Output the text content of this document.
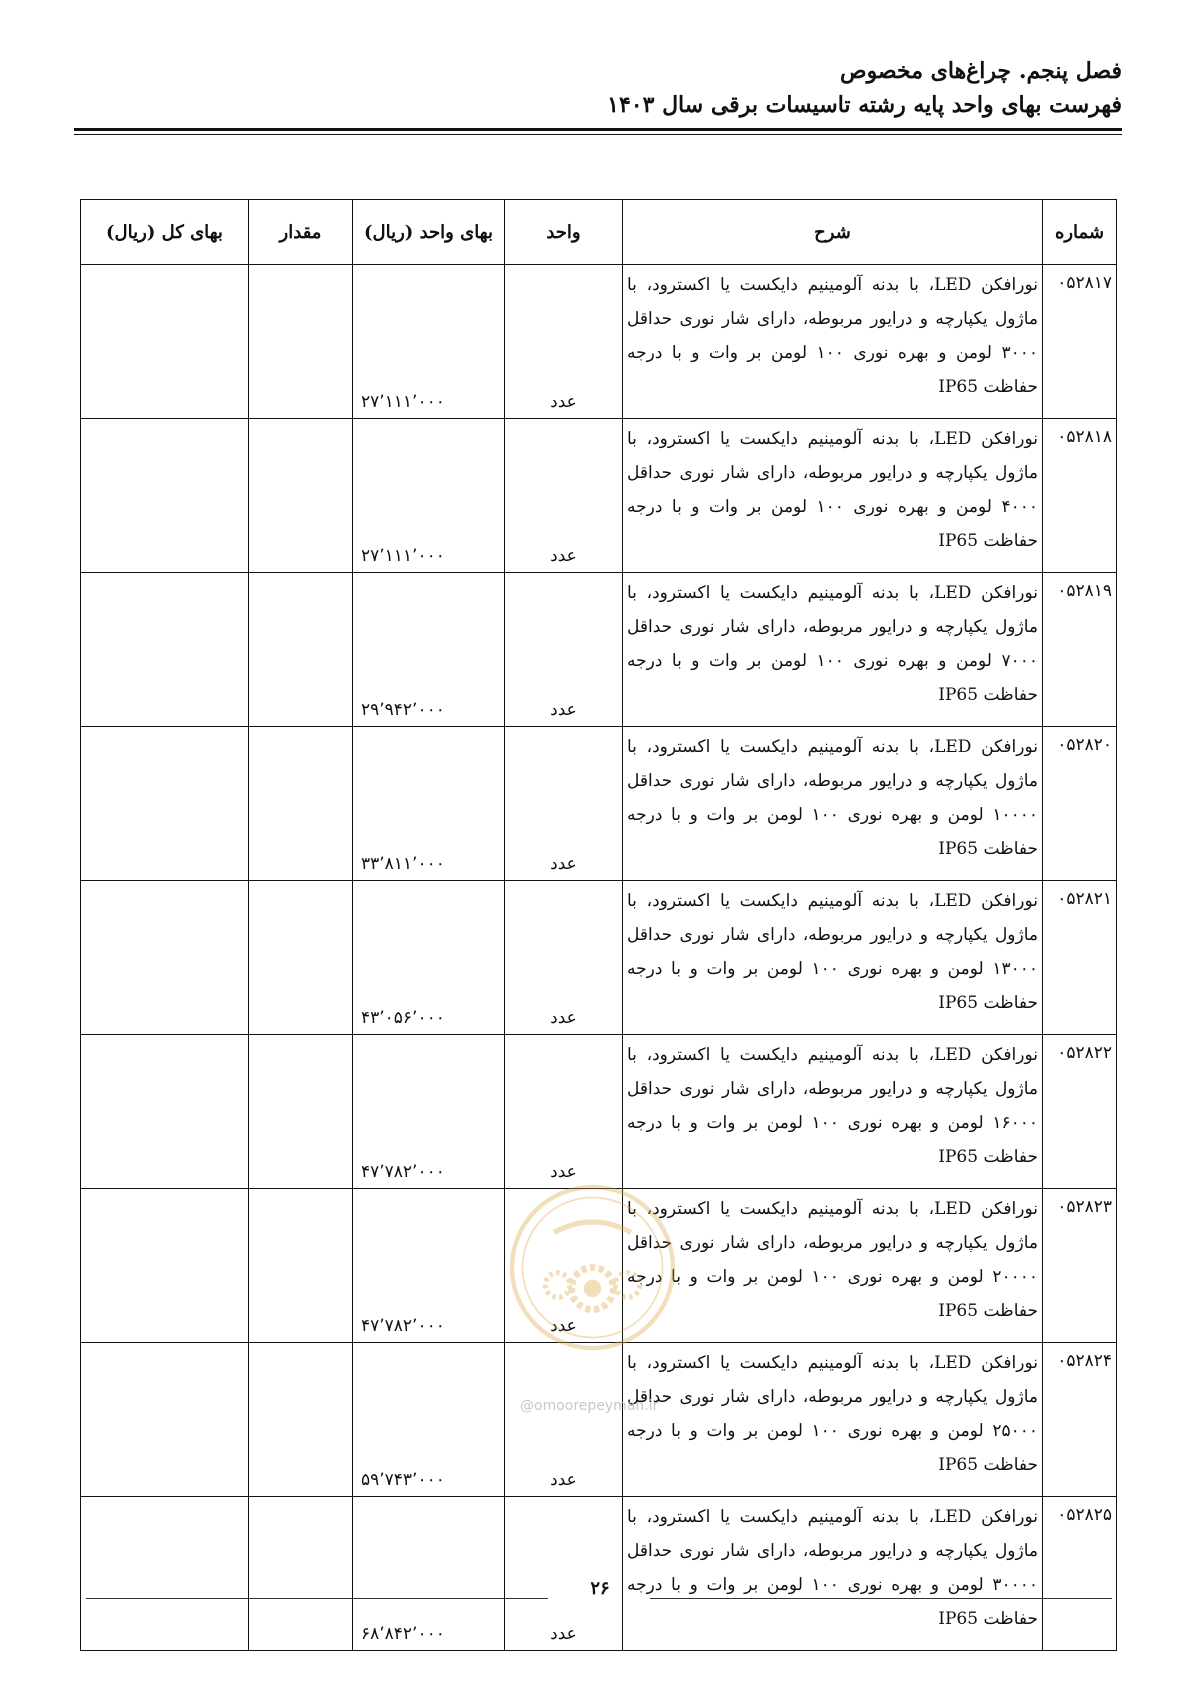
فصل پنجم. چراغ‌های مخصوص
فهرست بهای واحد پایه رشته تاسیسات برقی سال ۱۴۰۳
شماره	شرح	واحد	بهای واحد (ریال)	مقدار	بهای کل (ریال)
۰۵۲۸۱۷	نورافکن LED، با بدنه آلومینیم دایکست یا اکسترود، با ماژول یکپارچه و درایور مربوطه، دارای شار نوری حداقل ۳۰۰۰ لومن و بهره نوری ۱۰۰ لومن بر وات و با درجه حفاظت IP65	عدد	۲۷٬۱۱۱٬۰۰۰		
۰۵۲۸۱۸	نورافکن LED، با بدنه آلومینیم دایکست یا اکسترود، با ماژول یکپارچه و درایور مربوطه، دارای شار نوری حداقل ۴۰۰۰ لومن و بهره نوری ۱۰۰ لومن بر وات و با درجه حفاظت IP65	عدد	۲۷٬۱۱۱٬۰۰۰		
۰۵۲۸۱۹	نورافکن LED، با بدنه آلومینیم دایکست یا اکسترود، با ماژول یکپارچه و درایور مربوطه، دارای شار نوری حداقل ۷۰۰۰ لومن و بهره نوری ۱۰۰ لومن بر وات و با درجه حفاظت IP65	عدد	۲۹٬۹۴۲٬۰۰۰		
۰۵۲۸۲۰	نورافکن LED، با بدنه آلومینیم دایکست یا اکسترود، با ماژول یکپارچه و درایور مربوطه، دارای شار نوری حداقل ۱۰۰۰۰ لومن و بهره نوری ۱۰۰ لومن بر وات و با درجه حفاظت IP65	عدد	۳۳٬۸۱۱٬۰۰۰		
۰۵۲۸۲۱	نورافکن LED، با بدنه آلومینیم دایکست یا اکسترود، با ماژول یکپارچه و درایور مربوطه، دارای شار نوری حداقل ۱۳۰۰۰ لومن و بهره نوری ۱۰۰ لومن بر وات و با درجه حفاظت IP65	عدد	۴۳٬۰۵۶٬۰۰۰		
۰۵۲۸۲۲	نورافکن LED، با بدنه آلومینیم دایکست یا اکسترود، با ماژول یکپارچه و درایور مربوطه، دارای شار نوری حداقل ۱۶۰۰۰ لومن و بهره نوری ۱۰۰ لومن بر وات و با درجه حفاظت IP65	عدد	۴۷٬۷۸۲٬۰۰۰		
۰۵۲۸۲۳	نورافکن LED، با بدنه آلومینیم دایکست یا اکسترود، با ماژول یکپارچه و درایور مربوطه، دارای شار نوری حداقل ۲۰۰۰۰ لومن و بهره نوری ۱۰۰ لومن بر وات و با درجه حفاظت IP65	عدد	۴۷٬۷۸۲٬۰۰۰		
۰۵۲۸۲۴	نورافکن LED، با بدنه آلومینیم دایکست یا اکسترود، با ماژول یکپارچه و درایور مربوطه، دارای شار نوری حداقل ۲۵۰۰۰ لومن و بهره نوری ۱۰۰ لومن بر وات و با درجه حفاظت IP65	عدد	۵۹٬۷۴۳٬۰۰۰		
۰۵۲۸۲۵	نورافکن LED، با بدنه آلومینیم دایکست یا اکسترود، با ماژول یکپارچه و درایور مربوطه، دارای شار نوری حداقل ۳۰۰۰۰ لومن و بهره نوری ۱۰۰ لومن بر وات و با درجه حفاظت IP65	عدد	۶۸٬۸۴۲٬۰۰۰		
@omoorepeyman.ir
۲۶
